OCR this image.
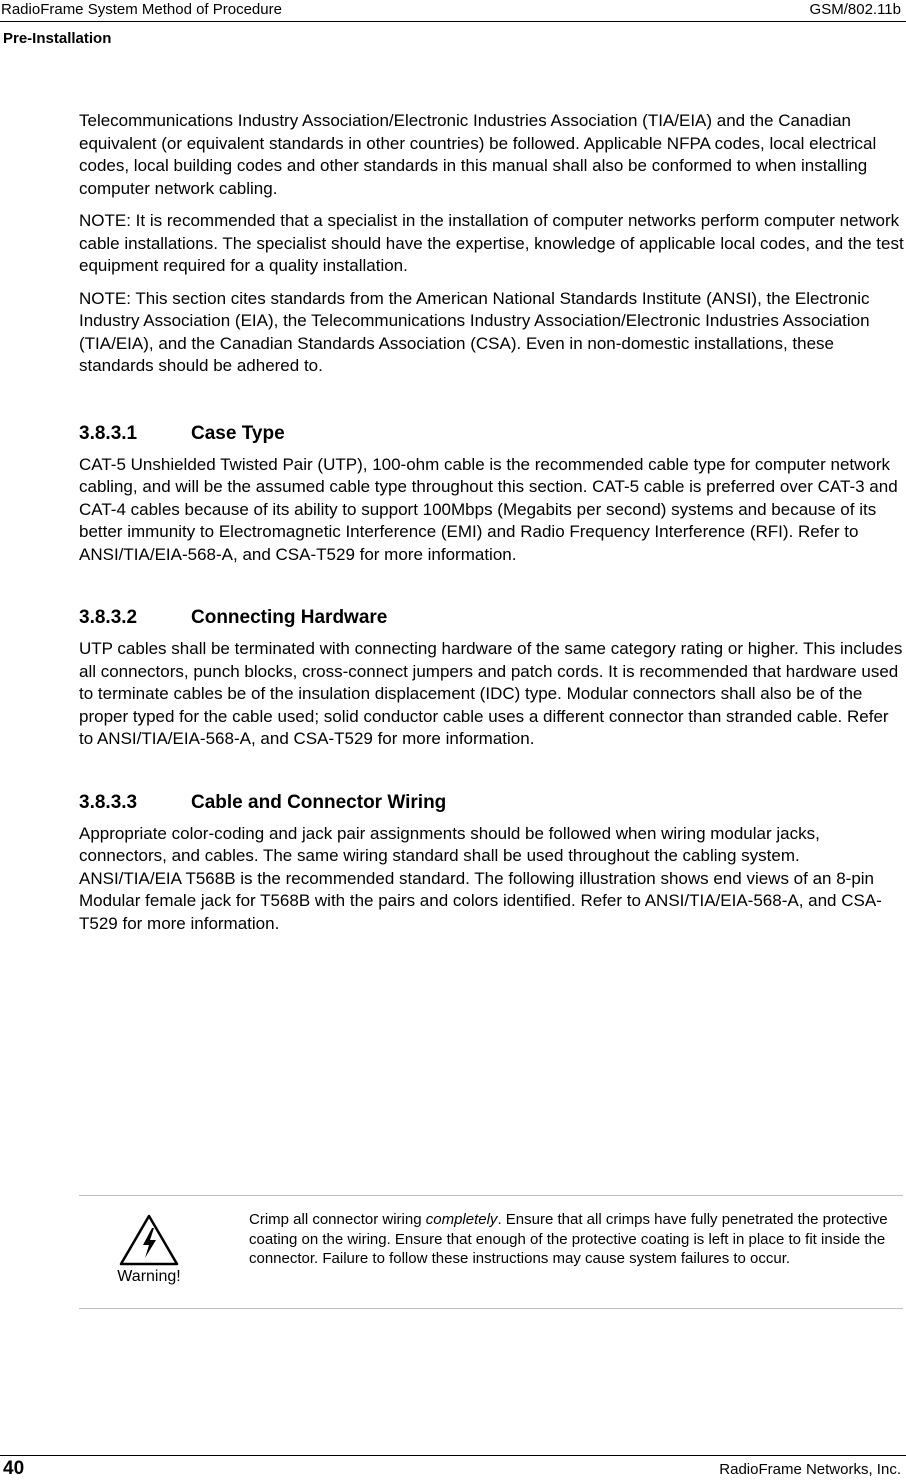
RadioFrame System Method of Procedure	GSM/802.11b
Pre-Installation

Telecommunications Industry Association/Electronic Industries Association (TIA/EIA) and the Canadian equivalent (or equivalent standards in other countries) be followed. Applicable NFPA codes, local electrical codes, local building codes and other standards in this manual shall also be conformed to when installing computer network cabling.

NOTE: It is recommended that a specialist in the installation of computer networks perform computer network cable installations. The specialist should have the expertise, knowledge of applicable local codes, and the test equipment required for a quality installation.

NOTE: This section cites standards from the American National Standards Institute (ANSI), the Electronic Industry Association (EIA), the Telecommunications Industry Association/Electronic Industries Association (TIA/EIA), and the Canadian Standards Association (CSA). Even in non-domestic installations, these standards should be adhered to.

3.8.3.1	Case Type

CAT-5 Unshielded Twisted Pair (UTP), 100-ohm cable is the recommended cable type for computer network cabling, and will be the assumed cable type throughout this section. CAT-5 cable is preferred over CAT-3 and CAT-4 cables because of its ability to support 100Mbps (Megabits per second) systems and because of its better immunity to Electromagnetic Interference (EMI) and Radio Frequency Interference (RFI). Refer to ANSI/TIA/EIA-568-A, and CSA-T529 for more information.

3.8.3.2	Connecting Hardware

UTP cables shall be terminated with connecting hardware of the same category rating or higher. This includes all connectors, punch blocks, cross-connect jumpers and patch cords. It is recommended that hardware used to terminate cables be of the insulation displacement (IDC) type. Modular connectors shall also be of the proper typed for the cable used; solid conductor cable uses a different connector than stranded cable. Refer to ANSI/TIA/EIA-568-A, and CSA-T529 for more information.

3.8.3.3	Cable and Connector Wiring

Appropriate color-coding and jack pair assignments should be followed when wiring modular jacks, connectors, and cables. The same wiring standard shall be used throughout the cabling system. ANSI/TIA/EIA T568B is the recommended standard. The following illustration shows end views of an 8-pin Modular female jack for T568B with the pairs and colors identified. Refer to ANSI/TIA/EIA-568-A, and CSA-T529 for more information.

Warning!
Crimp all connector wiring completely. Ensure that all crimps have fully penetrated the protective coating on the wiring. Ensure that enough of the protective coating is left in place to fit inside the connector. Failure to follow these instructions may cause system failures to occur.
40	RadioFrame Networks, Inc.
